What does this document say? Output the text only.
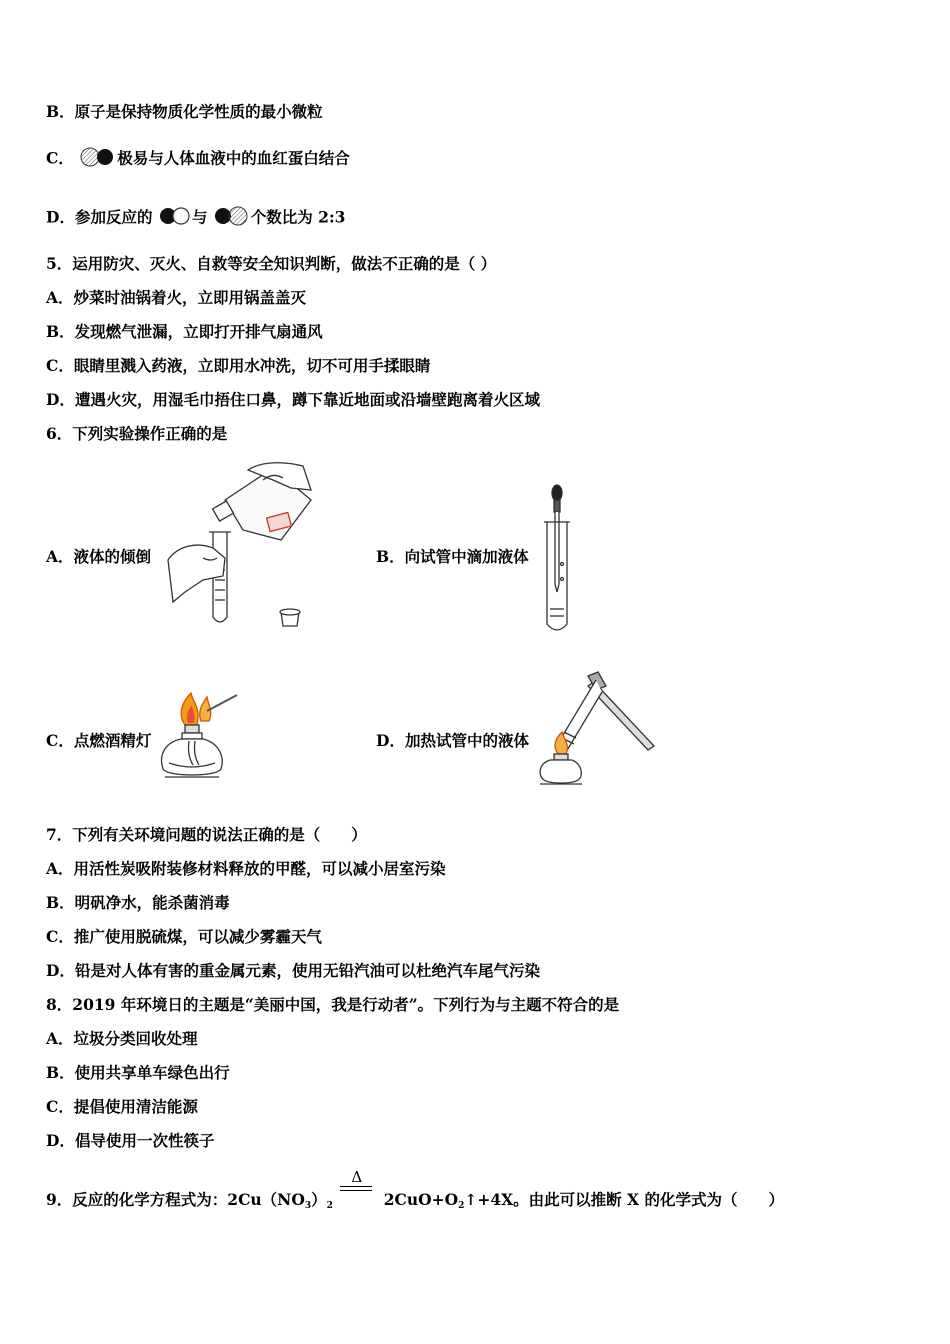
B．原子是保持物质化学性质的最小微粒
C．	极易与人体血液中的血红蛋白结合
D．参加反应的	与	个数比为 2:3
5．运用防灾、灭火、自救等安全知识判断，做法不正确的是（ ）
A．炒菜时油锅着火，立即用锅盖盖灭
B．发现燃气泄漏，立即打开排气扇通风
C．眼睛里溅入药液，立即用水冲洗，切不可用手揉眼睛
D．遭遇火灾，用湿毛巾捂住口鼻，蹲下靠近地面或沿墙壁跑离着火区域
6．下列实验操作正确的是
A．液体的倾倒	B．向试管中滴加液体
C．点燃酒精灯	D．加热试管中的液体
7．下列有关环境问题的说法正确的是（　　）
A．用活性炭吸附装修材料释放的甲醛，可以减小居室污染
B．明矾净水，能杀菌消毒
C．推广使用脱硫煤，可以减少雾霾天气
D．铅是对人体有害的重金属元素，使用无铅汽油可以杜绝汽车尾气污染
8．2019 年环境日的主题是“美丽中国，我是行动者”。下列行为与主题不符合的是
A．垃圾分类回收处理
B．使用共享单车绿色出行
C．提倡使用清洁能源
D．倡导使用一次性筷子
9．反应的化学方程式为：$2Cu(NO_3)_2$
Δ
$2CuO+O_2↑+4X$。由此可以推断 X 的化学式为（　　）
